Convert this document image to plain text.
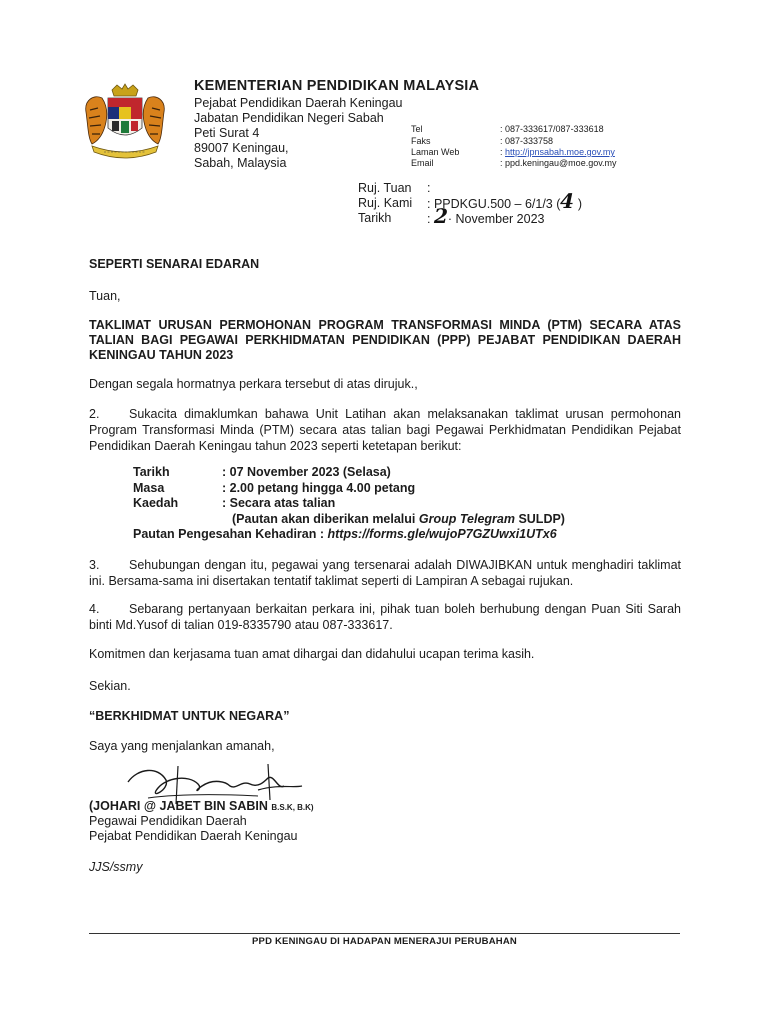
KEMENTERIAN PENDIDIKAN MALAYSIA
Pejabat Pendidikan Daerah Keningau
Jabatan Pendidikan Negeri Sabah
Peti Surat 4
89007 Keningau,
Sabah, Malaysia
Tel	: 087-333617/087-333618
Faks	: 087-333758
Laman Web	: http://jpnsabah.moe.gov.my
Email	: ppd.keningau@moe.gov.my
Ruj. Tuan :
Ruj. Kami : PPDKGU.500 – 6/1/3 (4 )
Tarikh	: 2· November 2023
SEPERTI SENARAI EDARAN
Tuan,
TAKLIMAT URUSAN PERMOHONAN PROGRAM TRANSFORMASI MINDA (PTM) SECARA ATAS TALIAN BAGI PEGAWAI PERKHIDMATAN PENDIDIKAN (PPP) PEJABAT PENDIDIKAN DAERAH KENINGAU TAHUN 2023
Dengan segala hormatnya perkara tersebut di atas dirujuk.,
2. Sukacita dimaklumkan bahawa Unit Latihan akan melaksanakan taklimat urusan permohonan Program Transformasi Minda (PTM) secara atas talian bagi Pegawai Perkhidmatan Pendidikan Pejabat Pendidikan Daerah Keningau tahun 2023 seperti ketetapan berikut:
Tarikh	: 07 November 2023 (Selasa)
Masa	: 2.00 petang hingga 4.00 petang
Kaedah	: Secara atas talian
(Pautan akan diberikan melalui Group Telegram SULDP)
Pautan Pengesahan Kehadiran : https://forms.gle/wujoP7GZUwxi1UTx6
3. Sehubungan dengan itu, pegawai yang tersenarai adalah DIWAJIBKAN untuk menghadiri taklimat ini. Bersama-sama ini disertakan tentatif taklimat seperti di Lampiran A sebagai rujukan.
4. Sebarang pertanyaan berkaitan perkara ini, pihak tuan boleh berhubung dengan Puan Siti Sarah binti Md.Yusof di talian 019-8335790 atau 087-333617.
Komitmen dan kerjasama tuan amat dihargai dan didahului ucapan terima kasih.
Sekian.
“BERKHIDMAT UNTUK NEGARA”
Saya yang menjalankan amanah,
(JOHARI @ JABET BIN SABIN B.S.K, B.K)
Pegawai Pendidikan Daerah
Pejabat Pendidikan Daerah Keningau
JJS/ssmy
PPD KENINGAU DI HADAPAN MENERAJUI PERUBAHAN
